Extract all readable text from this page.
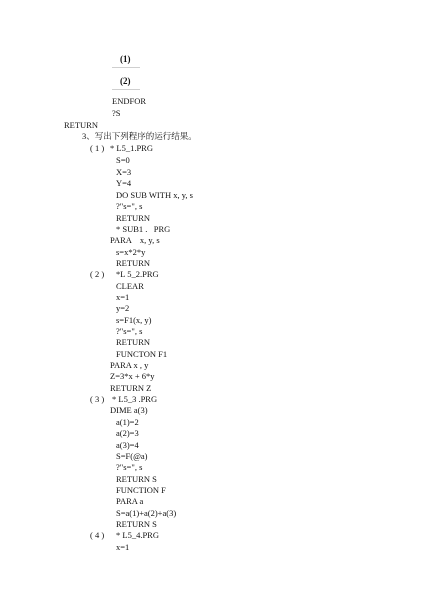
(1)
(2)
ENDFOR
?S
RETURN
3、写出下列程序的运行结果。
( 1 ) * L5_1.PRG
S=0
X=3
Y=4
DO SUB WITH x, y, s
?"s=", s
RETURN
* SUB1 .   PRG
PARA    x, y, s
s=x*2*y
RETURN
( 2 ) *L 5_2.PRG
CLEAR
x=1
y=2
s=F1(x, y)
?"s=", s
RETURN
FUNCTON F1
PARA x , y
Z=3*x + 6*y
RETURN Z
( 3 ) * L5_3 .PRG
DIME a(3)
a(1)=2
a(2)=3
a(3)=4
S=F(@a)
?"s=", s
RETURN S
FUNCTION F
PARA a
S=a(1)+a(2)+a(3)
RETURN S
( 4 ) * L5_4.PRG
x=1
